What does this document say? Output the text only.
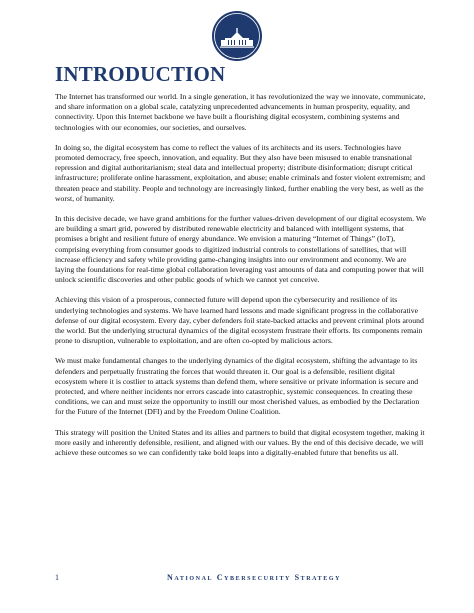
INTRODUCTION

The Internet has transformed our world. In a single generation, it has revolutionized the way we innovate, communicate, and share information on a global scale, catalyzing unprecedented advancements in human prosperity, equality, and connectivity. Upon this Internet backbone we have built a flourishing digital ecosystem, combining systems and technologies with our economies, our societies, and ourselves.

In doing so, the digital ecosystem has come to reflect the values of its architects and its users. Technologies have promoted democracy, free speech, innovation, and equality. But they also have been misused to enable transnational repression and digital authoritarianism; steal data and intellectual property; distribute disinformation; disrupt critical infrastructure; proliferate online harassment, exploitation, and abuse; enable criminals and foster violent extremism; and threaten peace and stability. People and technology are increasingly linked, further enabling the very best, as well as the worst, of humanity.

In this decisive decade, we have grand ambitions for the further values-driven development of our digital ecosystem. We are building a smart grid, powered by distributed renewable electricity and balanced with intelligent systems, that promises a bright and resilient future of energy abundance. We envision a maturing “Internet of Things” (IoT), comprising everything from consumer goods to digitized industrial controls to constellations of satellites, that will increase efficiency and safety while providing game-changing insights into our environment and economy. We are laying the foundations for real-time global collaboration leveraging vast amounts of data and computing power that will unlock scientific discoveries and other public goods of which we cannot yet conceive.

Achieving this vision of a prosperous, connected future will depend upon the cybersecurity and resilience of its underlying technologies and systems. We have learned hard lessons and made significant progress in the collaborative defense of our digital ecosystem. Every day, cyber defenders foil state-backed attacks and prevent criminal plots around the world. But the underlying structural dynamics of the digital ecosystem frustrate their efforts. Its components remain prone to disruption, vulnerable to exploitation, and are often co-opted by malicious actors.

We must make fundamental changes to the underlying dynamics of the digital ecosystem, shifting the advantage to its defenders and perpetually frustrating the forces that would threaten it. Our goal is a defensible, resilient digital ecosystem where it is costlier to attack systems than defend them, where sensitive or private information is secure and protected, and where neither incidents nor errors cascade into catastrophic, systemic consequences. In creating these conditions, we can and must seize the opportunity to instill our most cherished values, as embodied by the Declaration for the Future of the Internet (DFI) and by the Freedom Online Coalition.

This strategy will position the United States and its allies and partners to build that digital ecosystem together, making it more easily and inherently defensible, resilient, and aligned with our values. By the end of this decisive decade, we will achieve these outcomes so we can confidently take bold leaps into a digitally-enabled future that benefits us all.

1	National Cybersecurity Strategy
